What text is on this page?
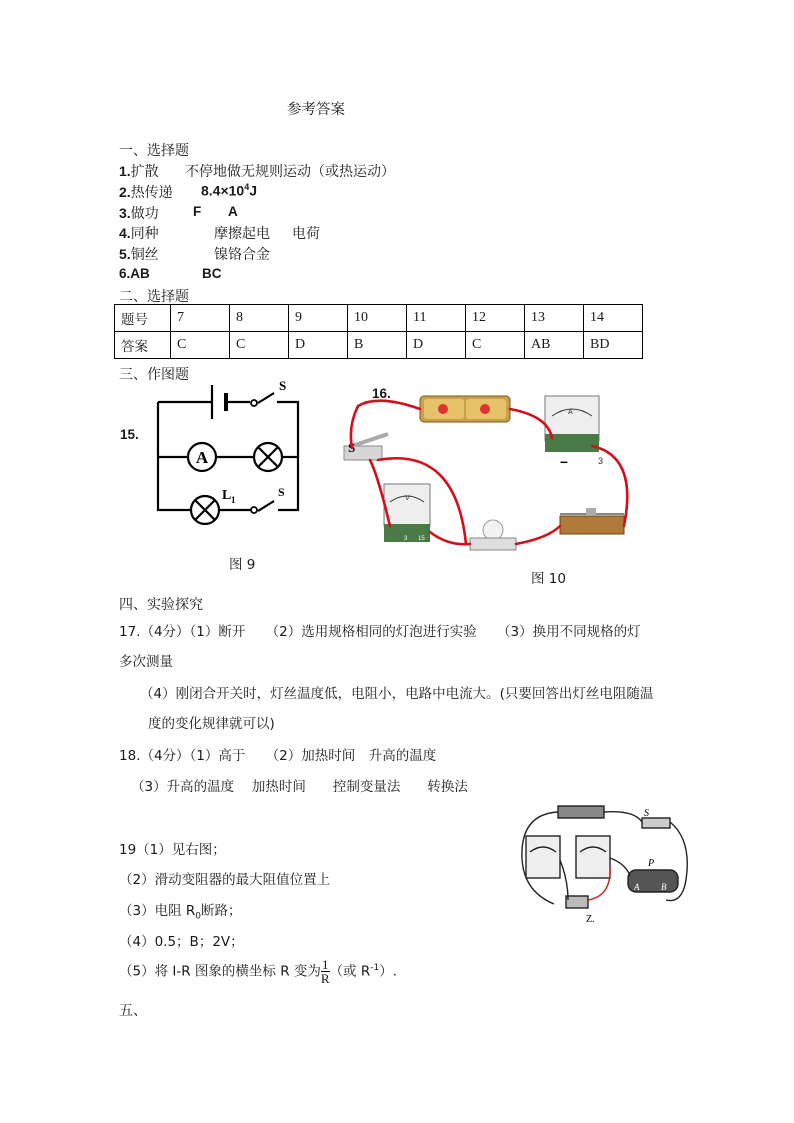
参考答案
一、选择题
1.扩散 不停地做无规则运动（或热运动）
2.热传递 $8.4\times 10^4J$
3.做功	F A
4.同种	摩擦起电 电荷
5.铜丝	镍铬合金
6.AB	BC
二、选择题
题号	7	8	9	10	11	12	13	14
答案	C	C	D	B	D	C	AB	BD
三、作图题
15.
S
A
L 1
S
图 9
16.
A
–	3
S
V
3 15
图 10
四、实验探究
17.（4分）（1）断开　　（2）选用规格相同的灯泡进行实验　　（3）换用不同规格的灯
多次测量
（4）刚闭合开关时，灯丝温度低，电阻小，电路中电流大。(只要回答出灯丝电阻随温
度的变化规律就可以)
18.（4分）（1）高于　　（2）加热时间　升高的温度
（3）升高的温度　 加热时间　　控制变量法　　转换法
19（1）见右图；
（2）滑动变阻器的最大阻值位置上
（3）电阻 $R_0$断路；
（4）0.5；B；2V；
（5）将 I-R 图象的横坐标 R 变为 $\frac{1}{R}$ （或 $R^{-1}$）.
S
P
A B
Z.
五、
